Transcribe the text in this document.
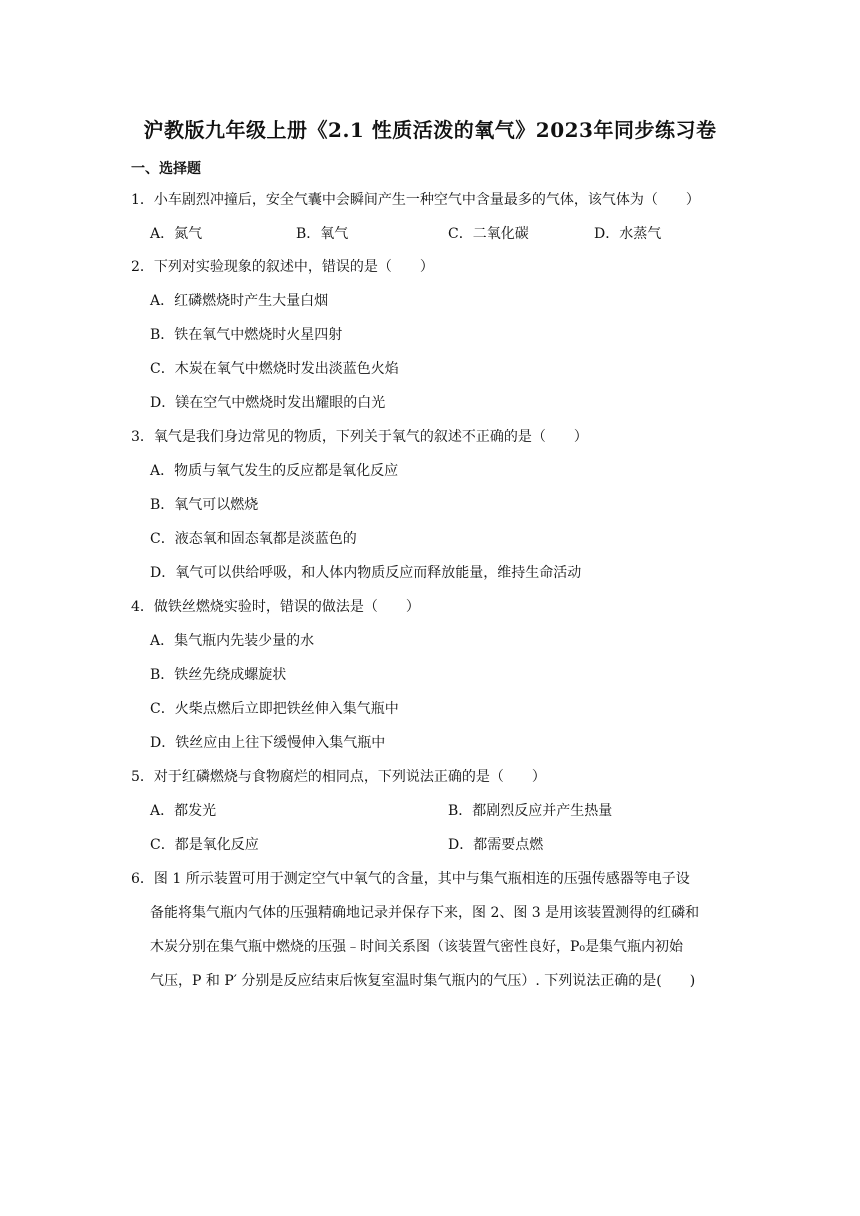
沪教版九年级上册《2.1 性质活泼的氧气》2023年同步练习卷
一、选择题
1．小车剧烈冲撞后，安全气囊中会瞬间产生一种空气中含量最多的气体，该气体为（　　）
A．氮气	B．氧气	C．二氧化碳	D．水蒸气
2．下列对实验现象的叙述中，错误的是（　　）
A．红磷燃烧时产生大量白烟
B．铁在氧气中燃烧时火星四射
C．木炭在氧气中燃烧时发出淡蓝色火焰
D．镁在空气中燃烧时发出耀眼的白光
3．氧气是我们身边常见的物质，下列关于氧气的叙述不正确的是（　　）
A．物质与氧气发生的反应都是氧化反应
B．氧气可以燃烧
C．液态氧和固态氧都是淡蓝色的
D．氧气可以供给呼吸，和人体内物质反应而释放能量，维持生命活动
4．做铁丝燃烧实验时，错误的做法是（　　）
A．集气瓶内先装少量的水
B．铁丝先绕成螺旋状
C．火柴点燃后立即把铁丝伸入集气瓶中
D．铁丝应由上往下缓慢伸入集气瓶中
5．对于红磷燃烧与食物腐烂的相同点，下列说法正确的是（　　）
A．都发光	B．都剧烈反应并产生热量
C．都是氧化反应	D．都需要点燃
6．图 1 所示装置可用于测定空气中氧气的含量，其中与集气瓶相连的压强传感器等电子设
备能将集气瓶内气体的压强精确地记录并保存下来，图 2、图 3 是用该装置测得的红磷和
木炭分别在集气瓶中燃烧的压强﹣时间关系图（该装置气密性良好，P₀是集气瓶内初始
气压，P 和 P′ 分别是反应结束后恢复室温时集气瓶内的气压）. 下列说法正确的是(　　)
